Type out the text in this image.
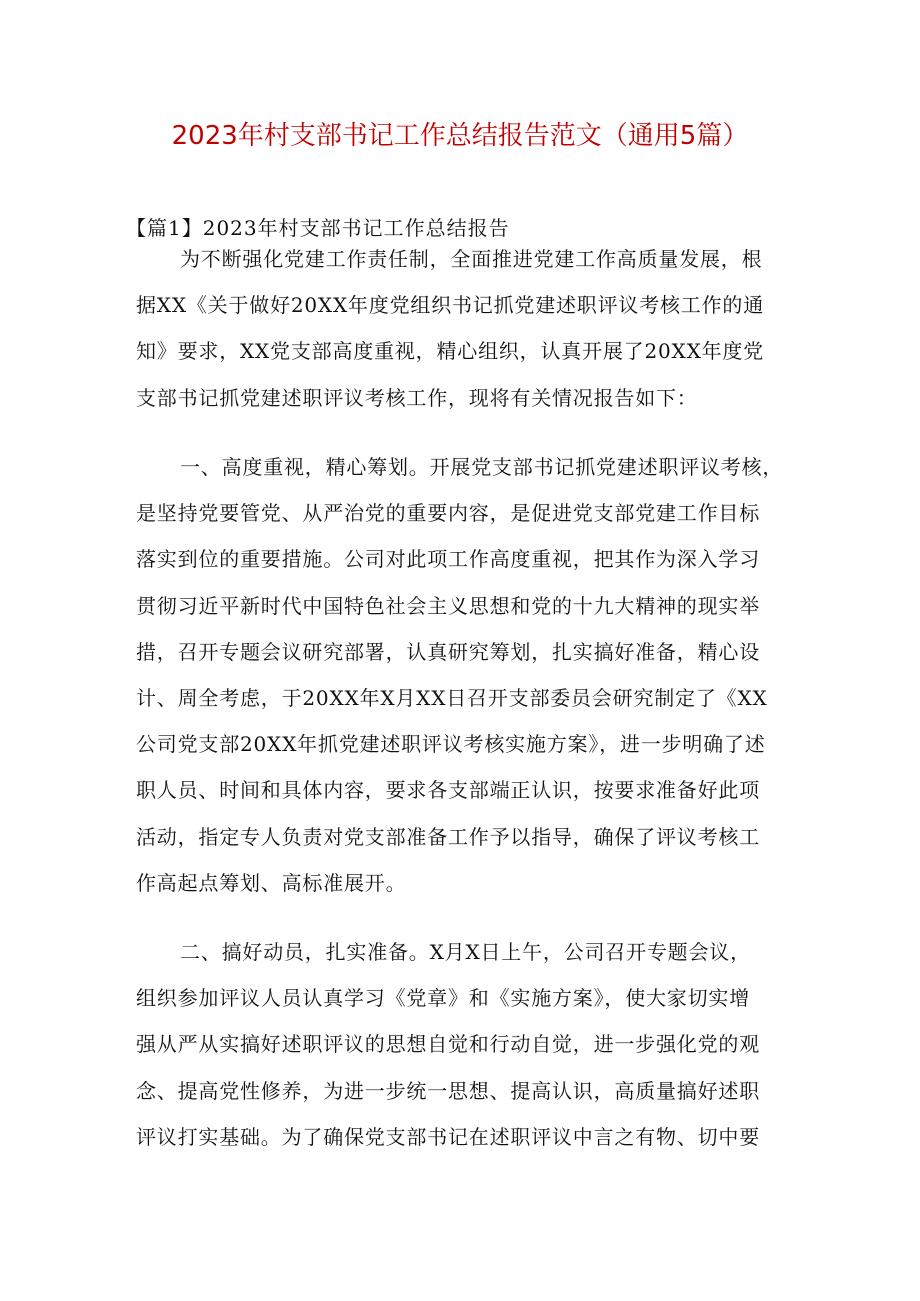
2023年村支部书记工作总结报告范文（通用5篇）
【篇1】2023年村支部书记工作总结报告
为不断强化党建工作责任制，全面推进党建工作高质量发展，根
据XX《关于做好20XX年度党组织书记抓党建述职评议考核工作的通
知》要求，XX党支部高度重视，精心组织，认真开展了20XX年度党
支部书记抓党建述职评议考核工作，现将有关情况报告如下：
一、高度重视，精心筹划。开展党支部书记抓党建述职评议考核，
是坚持党要管党、从严治党的重要内容，是促进党支部党建工作目标
落实到位的重要措施。公司对此项工作高度重视，把其作为深入学习
贯彻习近平新时代中国特色社会主义思想和党的十九大精神的现实举
措，召开专题会议研究部署，认真研究筹划，扎实搞好准备，精心设
计、周全考虑，于20XX年X月XX日召开支部委员会研究制定了《XX
公司党支部20XX年抓党建述职评议考核实施方案》，进一步明确了述
职人员、时间和具体内容，要求各支部端正认识，按要求准备好此项
活动，指定专人负责对党支部准备工作予以指导，确保了评议考核工
作高起点筹划、高标准展开。
二、搞好动员，扎实准备。X月X日上午，公司召开专题会议，
组织参加评议人员认真学习《党章》和《实施方案》，使大家切实增
强从严从实搞好述职评议的思想自觉和行动自觉，进一步强化党的观
念、提高党性修养，为进一步统一思想、提高认识，高质量搞好述职
评议打实基础。为了确保党支部书记在述职评议中言之有物、切中要
